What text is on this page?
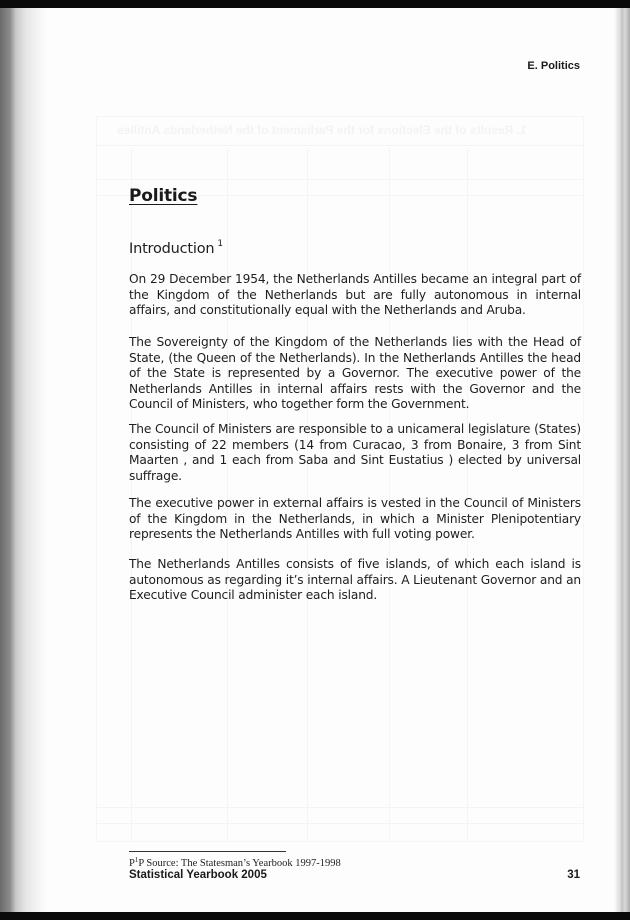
1. Results of the Elections for the Parliament of the Netherlands Antilles
E. Politics
Politics
Introduction $^1$

On 29 December 1954, the Netherlands Antilles became an integral part of the Kingdom of the Netherlands but are fully autonomous in internal affairs, and constitutionally equal with the Netherlands and Aruba.

The Sovereignty of the Kingdom of the Netherlands lies with the Head of State, (the Queen of the Netherlands). In the Netherlands Antilles the head of the State is represented by a Governor. The executive power of the Netherlands Antilles in internal affairs rests with the Governor and the Council of Ministers, who together form the Government.

The Council of Ministers are responsible to a unicameral legislature (States) consisting of 22 members (14 from Curacao, 3 from Bonaire, 3 from Sint Maarten , and 1 each from Saba and Sint Eustatius ) elected by universal suffrage.

The executive power in external affairs is vested in the Council of Ministers of the Kingdom in the Netherlands, in which a Minister Plenipotentiary represents the Netherlands Antilles with full voting power.

The Netherlands Antilles consists of five islands, of which each island is autonomous as regarding it’s internal affairs. A Lieutenant Governor and an Executive Council administer each island.

$P^1P$ Source: The Statesman’s Yearbook 1997-1998
Statistical Yearbook 2005	31
